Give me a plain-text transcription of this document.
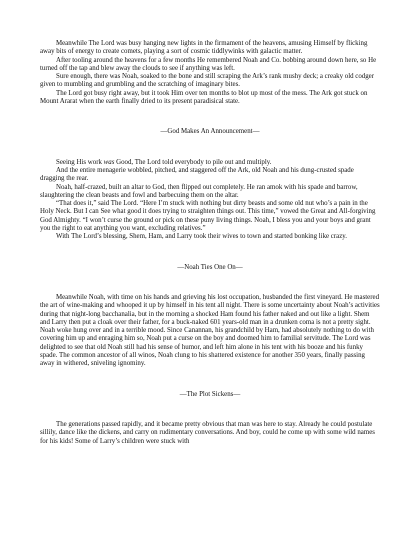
Meanwhile The Lord was busy hanging new lights in the firmament of the heavens, amusing Himself by flicking away bits of energy to create comets, playing a sort of cosmic tiddlywinks with galactic matter.

After tooling around the heavens for a few months He remembered Noah and Co. bobbing around down here, so He turned off the tap and blew away the clouds to see if anything was left.

Sure enough, there was Noah, soaked to the bone and still scraping the Ark’s rank mushy deck; a creaky old codger given to mumbling and grumbling and the scratching of imaginary bites.

The Lord got busy right away, but it took Him over ten months to blot up most of the mess. The Ark got stuck on Mount Ararat when the earth finally dried to its present paradisical state.

—God Makes An Announcement—

Seeing His work was Good, The Lord told everybody to pile out and multiply.

And the entire menagerie wobbled, pitched, and staggered off the Ark, old Noah and his dung-crusted spade dragging the rear.

Noah, half-crazed, built an altar to God, then flipped out completely. He ran amok with his spade and barrow, slaughtering the clean beasts and fowl and barbecuing them on the altar.

“That does it,” said The Lord. “Here I’m stuck with nothing but dirty beasts and some old nut who’s a pain in the Holy Neck. But I can See what good it does trying to straighten things out. This time,” vowed the Great and All-forgiving God Almighty. “I won’t curse the ground or pick on these puny living things. Noah, I bless you and your boys and grant you the right to eat anything you want, excluding relatives.”

With The Lord’s blessing, Shem, Ham, and Larry took their wives to town and started bonking like crazy.

—Noah Ties One On—

Meanwhile Noah, with time on his hands and grieving his lost occupation, husbanded the first vineyard. He mastered the art of wine-making and whooped it up by himself in his tent all night. There is some uncertainty about Noah’s activities during that night-long bacchanalia, but in the morning a shocked Ham found his father naked and out like a light. Shem and Larry then put a cloak over their father, for a buck-naked 601 years-old man in a drunken coma is not a pretty sight. Noah woke hung over and in a terrible mood. Since Canannan, his grandchild by Ham, had absolutely nothing to do with covering him up and enraging him so, Noah put a curse on the boy and doomed him to familial servitude. The Lord was delighted to see that old Noah still had his sense of humor, and left him alone in his tent with his booze and his funky spade. The common ancestor of all winos, Noah clung to his shattered existence for another 350 years, finally passing away in withered, sniveling ignominy.

—The Plot Sickens—

The generations passed rapidly, and it became pretty obvious that man was here to stay. Already he could postulate sillily, dance like the dickens, and carry on rudimentary conversations. And boy, could he come up with some wild names for his kids! Some of Larry’s children were stuck with
